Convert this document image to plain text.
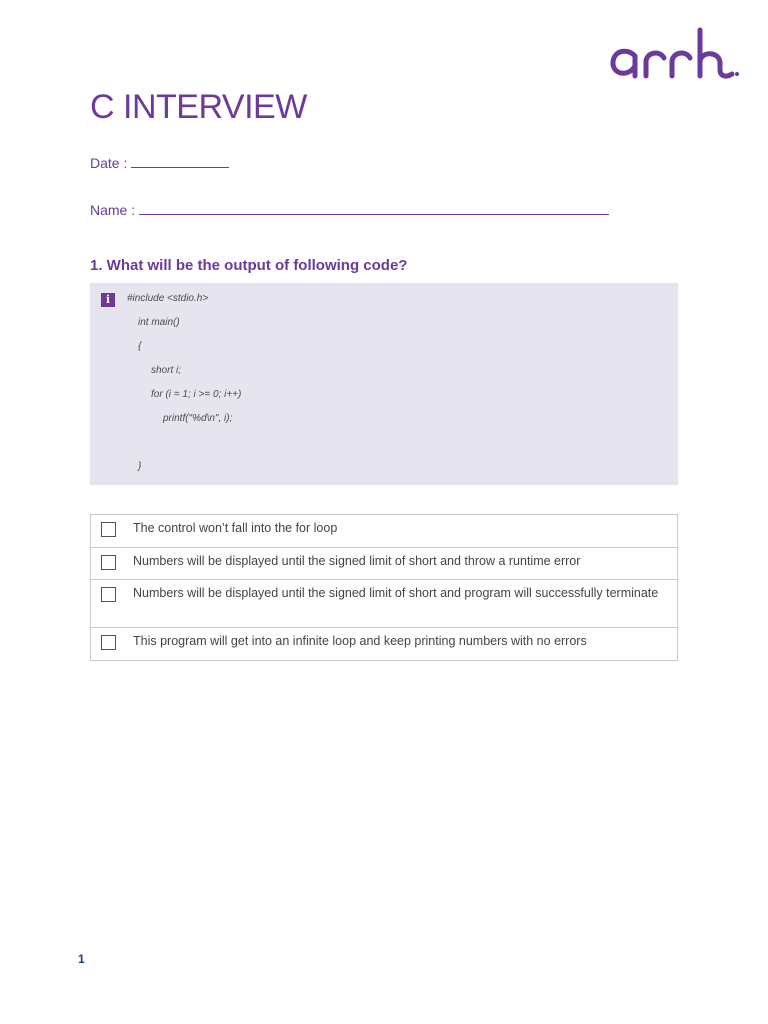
C INTERVIEW
Date :
Name :
1. What will be the output of following code?
i	#include <stdio.h>
int main()
{
short i;
for (i = 1; i >= 0; i++)
printf("%d\n", i);
}
	The control won’t fall into the for loop

	Numbers will be displayed until the signed limit of short and throw a runtime error

	Numbers will be displayed until the signed limit of short and program will successfully terminate

	This program will get into an infinite loop and keep printing numbers with no errors
1
